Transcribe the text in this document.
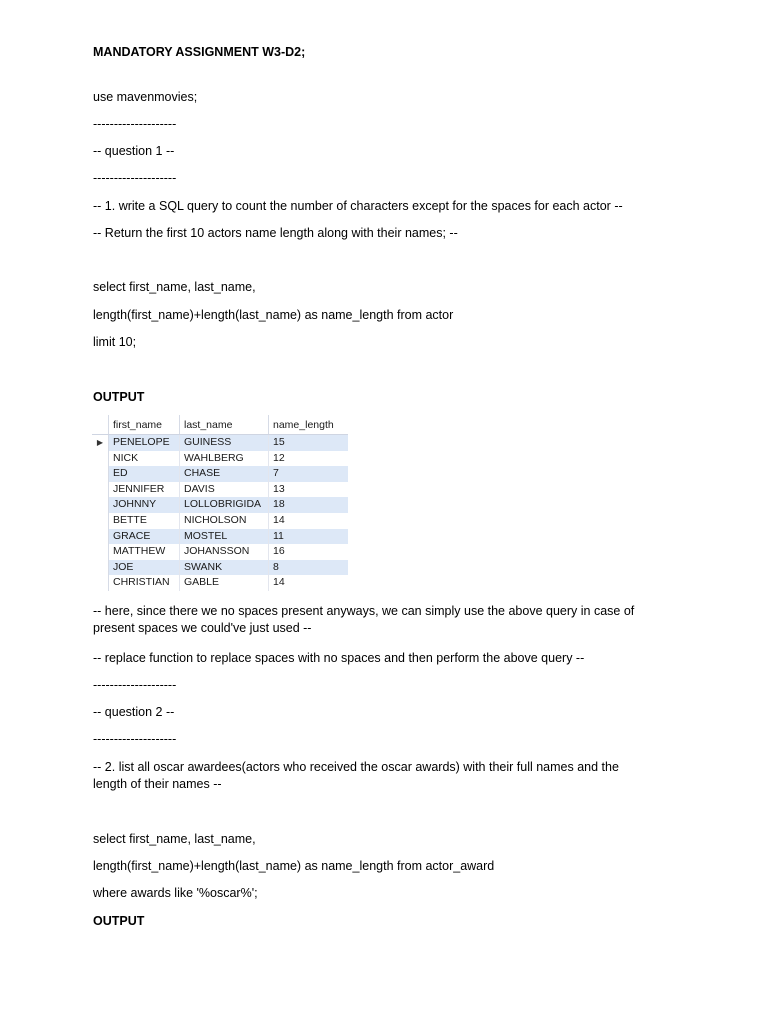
MANDATORY ASSIGNMENT W3-D2;
use mavenmovies;
--------------------
-- question 1 --
--------------------
-- 1. write a SQL query to count the number of characters except for the spaces for each actor --
-- Return the first 10 actors name length along with their names; --
select first_name, last_name,
length(first_name)+length(last_name) as name_length from actor
limit 10;
OUTPUT
	first_name	last_name	name_length
▶	PENELOPE	GUINESS	15
	NICK	WAHLBERG	12
	ED	CHASE	7
	JENNIFER	DAVIS	13
	JOHNNY	LOLLOBRIGIDA	18
	BETTE	NICHOLSON	14
	GRACE	MOSTEL	11
	MATTHEW	JOHANSSON	16
	JOE	SWANK	8
	CHRISTIAN	GABLE	14
-- here, since there we no spaces present anyways, we can simply use the above query in case of present spaces we could've just used --
-- replace function to replace spaces with no spaces and then perform the above query --
--------------------
-- question 2 --
--------------------
-- 2. list all oscar awardees(actors who received the oscar awards) with their full names and the length of their names --
select first_name, last_name,
length(first_name)+length(last_name) as name_length from actor_award
where awards like '%oscar%';
OUTPUT
